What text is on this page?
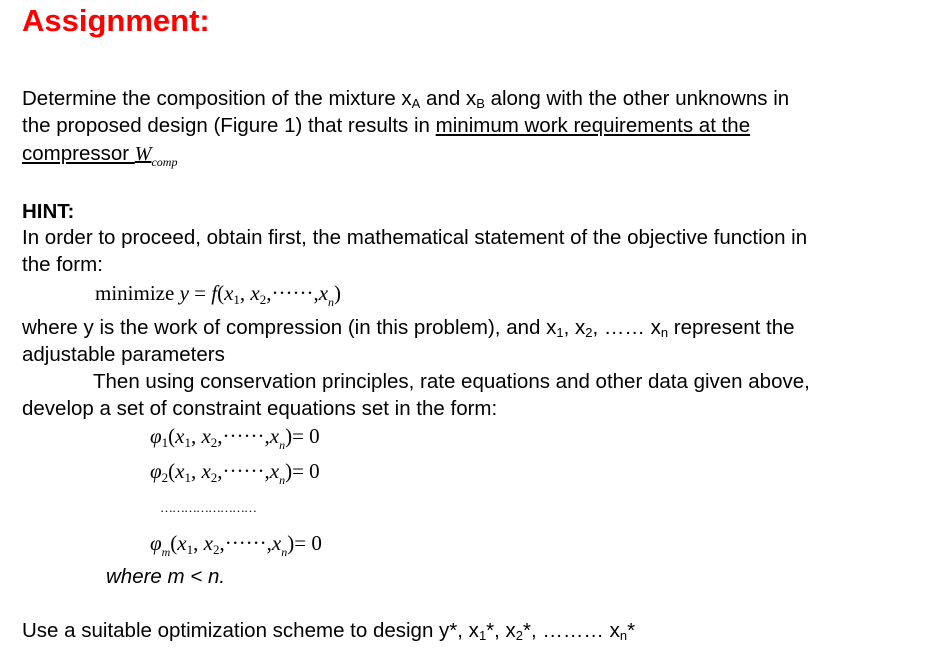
Assignment:
Determine the composition of the mixture $x_A$ and $x_B$ along with the other unknowns in
the proposed design (Figure 1) that results in minimum work requirements at the
compressor $W_{comp}$
HINT:
In order to proceed, obtain first, the mathematical statement of the objective function in
the form:
minimize $y = f(x_1$, $x_2,\cdot\cdot\cdot\cdot\cdot\cdot,x_n$)
where y is the work of compression (in this problem), and $x_1$, $x_2$, …… $x_n$ represent the
adjustable parameters
Then using conservation principles, rate equations and other data given above,
develop a set of constraint equations set in the form:
$\varphi_1(x_1$, $x_2,\cdot\cdot\cdot\cdot\cdot\cdot,x_n)= 0$
$\varphi_2(x_1$, $x_2,\cdot\cdot\cdot\cdot\cdot\cdot,x_n)= 0$
……………………
$\varphi_m(x_1$, $x_2,\cdot\cdot\cdot\cdot\cdot\cdot,x_n)= 0$
where m < n.
Use a suitable optimization scheme to design y*, $x_1*$, $x_2*$, ……… $x_n*$
